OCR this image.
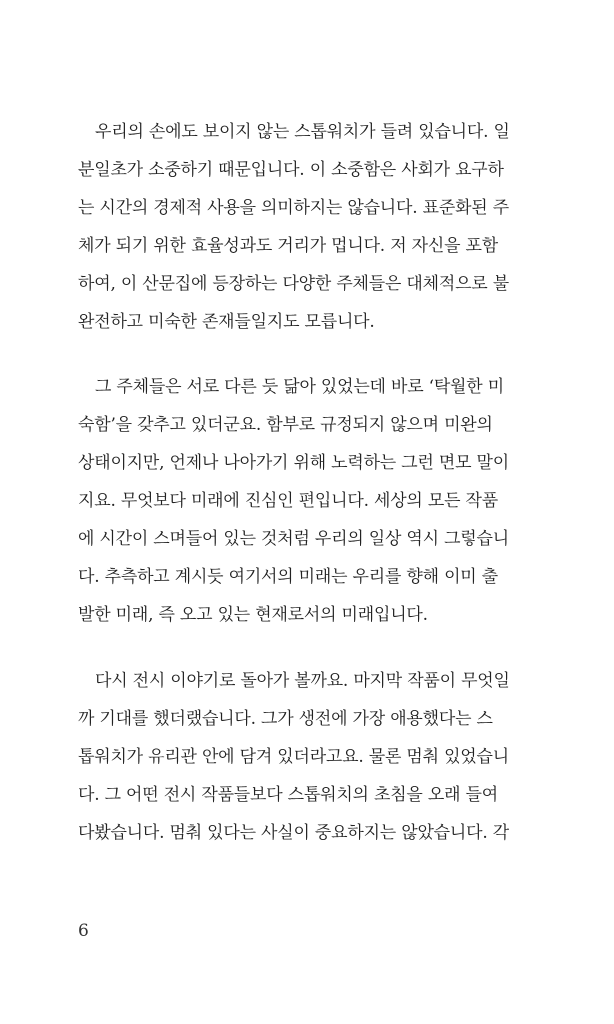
우리의 손에도 보이지 않는 스톱워치가 들려 있습니다. 일
분일초가 소중하기 때문입니다. 이 소중함은 사회가 요구하
는 시간의 경제적 사용을 의미하지는 않습니다. 표준화된 주
체가 되기 위한 효율성과도 거리가 멉니다. 저 자신을 포함
하여, 이 산문집에 등장하는 다양한 주체들은 대체적으로 불
완전하고 미숙한 존재들일지도 모릅니다.
그 주체들은 서로 다른 듯 닮아 있었는데 바로 ‘탁월한 미
숙함’을 갖추고 있더군요. 함부로 규정되지 않으며 미완의
상태이지만, 언제나 나아가기 위해 노력하는 그런 면모 말이
지요. 무엇보다 미래에 진심인 편입니다. 세상의 모든 작품
에 시간이 스며들어 있는 것처럼 우리의 일상 역시 그렇습니
다. 추측하고 계시듯 여기서의 미래는 우리를 향해 이미 출
발한 미래, 즉 오고 있는 현재로서의 미래입니다.
다시 전시 이야기로 돌아가 볼까요. 마지막 작품이 무엇일
까 기대를 했더랬습니다. 그가 생전에 가장 애용했다는 스
톱워치가 유리관 안에 담겨 있더라고요. 물론 멈춰 있었습니
다. 그 어떤 전시 작품들보다 스톱워치의 초침을 오래 들여
다봤습니다. 멈춰 있다는 사실이 중요하지는 않았습니다. 각
6
